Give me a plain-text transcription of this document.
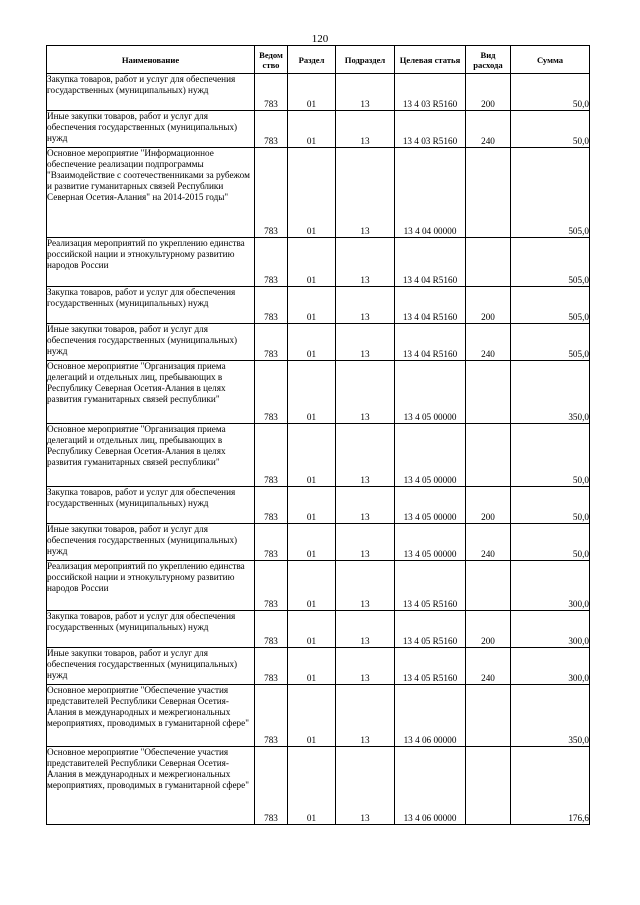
120
Наименование	Ведом ство	Раздел	Подраздел	Целевая статья	Вид расхода	Сумма
Закупка товаров, работ и услуг для обеспечения государственных (муниципальных) нужд	783	01	13	13 4 03 R5160	200	50,0
Иные закупки товаров, работ и услуг для обеспечения государственных (муниципальных) нужд	783	01	13	13 4 03 R5160	240	50,0
Основное мероприятие "Информационное обеспечение реализации подпрограммы "Взаимодействие с соотечественниками за рубежом и развитие гуманитарных связей Республики Северная Осетия-Алания" на 2014-2015 годы"	783	01	13	13 4 04 00000		505,0
Реализация мероприятий по укреплению единства российской нации и этнокультурному развитию народов России	783	01	13	13 4 04 R5160		505,0
Закупка товаров, работ и услуг для обеспечения государственных (муниципальных) нужд	783	01	13	13 4 04 R5160	200	505,0
Иные закупки товаров, работ и услуг для обеспечения государственных (муниципальных) нужд	783	01	13	13 4 04 R5160	240	505,0
Основное мероприятие "Организация приема делегаций и отдельных лиц, пребывающих в Республику Северная Осетия-Алания в целях развития гуманитарных связей республики"	783	01	13	13 4 05 00000		350,0
Основное мероприятие "Организация приема делегаций и отдельных лиц, пребывающих в Республику Северная Осетия-Алания в целях развития гуманитарных связей республики"	783	01	13	13 4 05 00000		50,0
Закупка товаров, работ и услуг для обеспечения государственных (муниципальных) нужд	783	01	13	13 4 05 00000	200	50,0
Иные закупки товаров, работ и услуг для обеспечения государственных (муниципальных) нужд	783	01	13	13 4 05 00000	240	50,0
Реализация мероприятий по укреплению единства российской нации и этнокультурному развитию народов России	783	01	13	13 4 05 R5160		300,0
Закупка товаров, работ и услуг для обеспечения государственных (муниципальных) нужд	783	01	13	13 4 05 R5160	200	300,0
Иные закупки товаров, работ и услуг для обеспечения государственных (муниципальных) нужд	783	01	13	13 4 05 R5160	240	300,0
Основное мероприятие "Обеспечение участия представителей Республики Северная Осетия-Алания в международных и межрегиональных мероприятиях, проводимых в гуманитарной сфере"	783	01	13	13 4 06 00000		350,0
Основное мероприятие "Обеспечение участия представителей Республики Северная Осетия-Алания в международных и межрегиональных мероприятиях, проводимых в гуманитарной сфере"	783	01	13	13 4 06 00000		176,6
